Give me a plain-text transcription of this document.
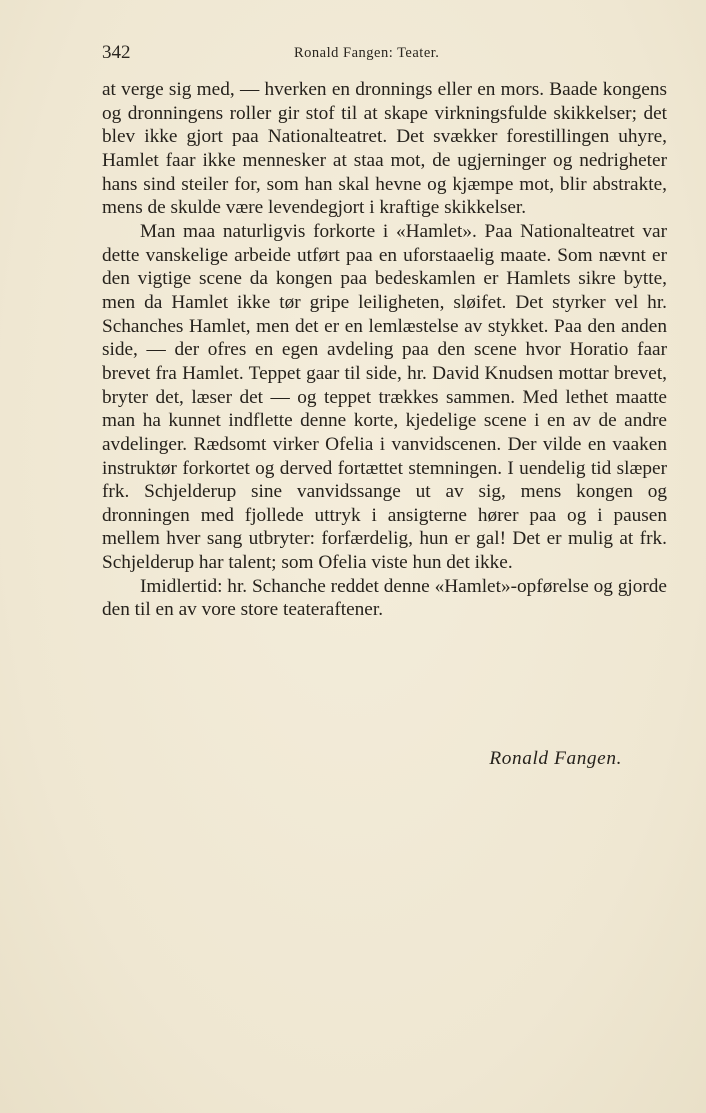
342	Ronald Fangen: Teater.

at verge sig med, — hverken en dronnings eller en mors. Baade kongens og dronningens roller gir stof til at skape virkningsfulde skikkelser; det blev ikke gjort paa Nationalteatret. Det svækker forestillingen uhyre, Hamlet faar ikke mennesker at staa mot, de ugjerninger og nedrigheter hans sind steiler for, som han skal hevne og kjæmpe mot, blir abstrakte, mens de skulde være levendegjort i kraftige skikkelser.

Man maa naturligvis forkorte i «Hamlet». Paa Nationalteatret var dette vanskelige arbeide utført paa en uforstaaelig maate. Som nævnt er den vigtige scene da kongen paa bedeskamlen er Hamlets sikre bytte, men da Hamlet ikke tør gripe leiligheten, sløifet. Det styrker vel hr. Schanches Hamlet, men det er en lemlæstelse av stykket. Paa den anden side, — der ofres en egen avdeling paa den scene hvor Horatio faar brevet fra Hamlet. Teppet gaar til side, hr. David Knudsen mottar brevet, bryter det, læser det — og teppet trækkes sammen. Med lethet maatte man ha kunnet indflette denne korte, kjedelige scene i en av de andre avdelinger. Rædsomt virker Ofelia i vanvidscenen. Der vilde en vaaken instruktør forkortet og derved fortættet stemningen. I uendelig tid slæper frk. Schjelderup sine vanvidssange ut av sig, mens kongen og dronningen med fjollede uttryk i ansigterne hører paa og i pausen mellem hver sang utbryter: forfærdelig, hun er gal! Det er mulig at frk. Schjelderup har talent; som Ofelia viste hun det ikke.

Imidlertid: hr. Schanche reddet denne «Hamlet»-opførelse og gjorde den til en av vore store teateraftener.

Ronald Fangen.
